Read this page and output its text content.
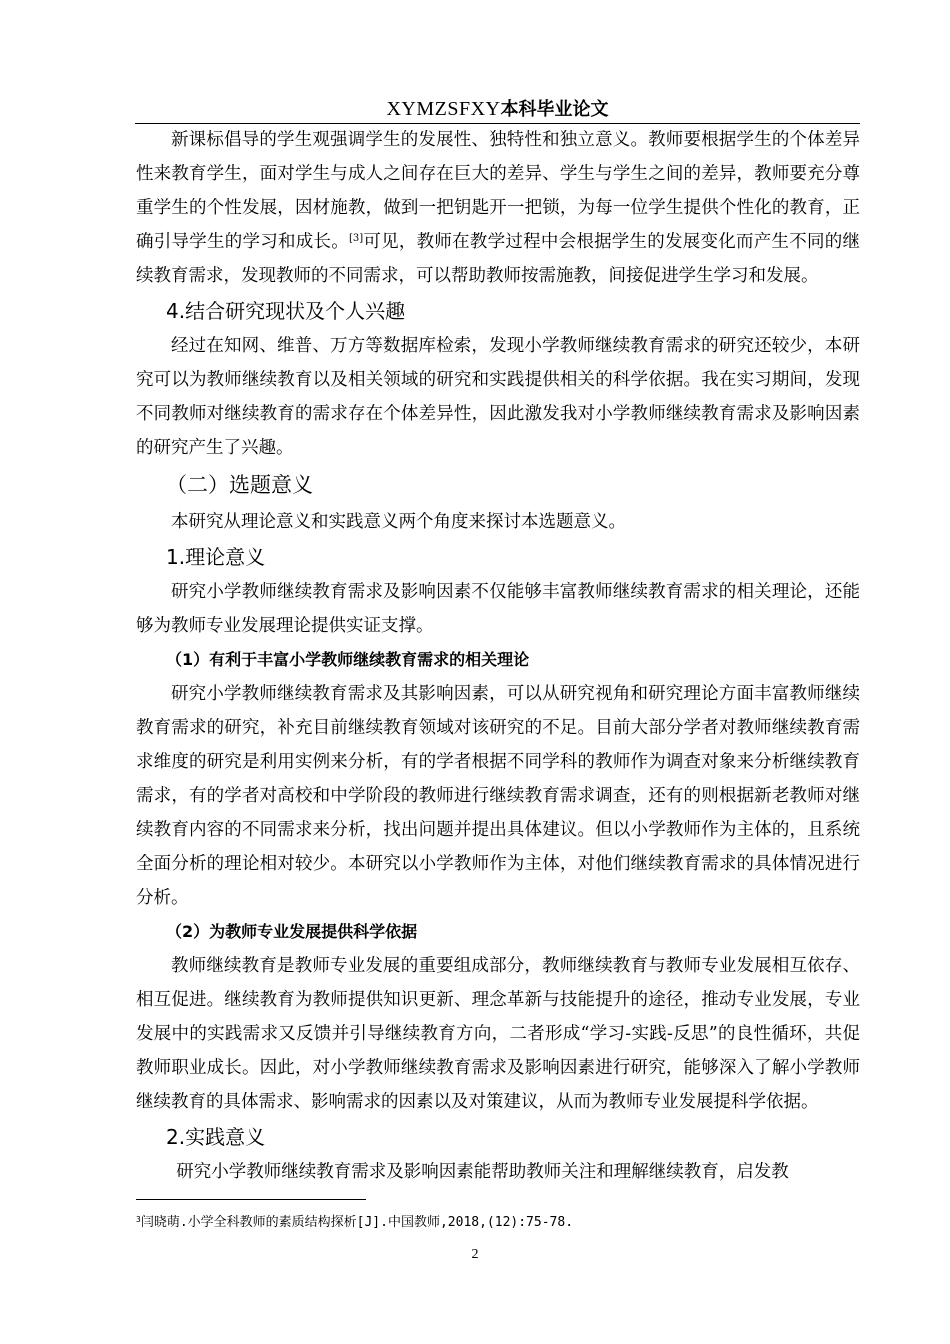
XYMZSFXY本科毕业论文

新课标倡导的学生观强调学生的发展性、独特性和独立意义。教师要根据学生的个体差异性来教育学生，面对学生与成人之间存在巨大的差异、学生与学生之间的差异，教师要充分尊重学生的个性发展，因材施教，做到一把钥匙开一把锁，为每一位学生提供个性化的教育，正确引导学生的学习和成长。[3]可见，教师在教学过程中会根据学生的发展变化而产生不同的继续教育需求，发现教师的不同需求，可以帮助教师按需施教，间接促进学生学习和发展。

4.结合研究现状及个人兴趣

经过在知网、维普、万方等数据库检索，发现小学教师继续教育需求的研究还较少，本研究可以为教师继续教育以及相关领域的研究和实践提供相关的科学依据。我在实习期间，发现不同教师对继续教育的需求存在个体差异性，因此激发我对小学教师继续教育需求及影响因素的研究产生了兴趣。

（二）选题意义

本研究从理论意义和实践意义两个角度来探讨本选题意义。

1.理论意义

研究小学教师继续教育需求及影响因素不仅能够丰富教师继续教育需求的相关理论，还能够为教师专业发展理论提供实证支撑。

（1）有利于丰富小学教师继续教育需求的相关理论

研究小学教师继续教育需求及其影响因素，可以从研究视角和研究理论方面丰富教师继续教育需求的研究，补充目前继续教育领域对该研究的不足。目前大部分学者对教师继续教育需求维度的研究是利用实例来分析，有的学者根据不同学科的教师作为调查对象来分析继续教育需求，有的学者对高校和中学阶段的教师进行继续教育需求调查，还有的则根据新老教师对继续教育内容的不同需求来分析，找出问题并提出具体建议。但以小学教师作为主体的，且系统全面分析的理论相对较少。本研究以小学教师作为主体，对他们继续教育需求的具体情况进行分析。

（2）为教师专业发展提供科学依据

教师继续教育是教师专业发展的重要组成部分，教师继续教育与教师专业发展相互依存、相互促进。继续教育为教师提供知识更新、理念革新与技能提升的途径，推动专业发展，专业发展中的实践需求又反馈并引导继续教育方向，二者形成“学习-实践-反思”的良性循环，共促教师职业成长。因此，对小学教师继续教育需求及影响因素进行研究，能够深入了解小学教师继续教育的具体需求、影响需求的因素以及对策建议，从而为教师专业发展提科学依据。

2.实践意义

研究小学教师继续教育需求及影响因素能帮助教师关注和理解继续教育，启发教

$^3$闫晓萌.小学全科教师的素质结构探析[J].中国教师,2018,(12):75-78.
2
